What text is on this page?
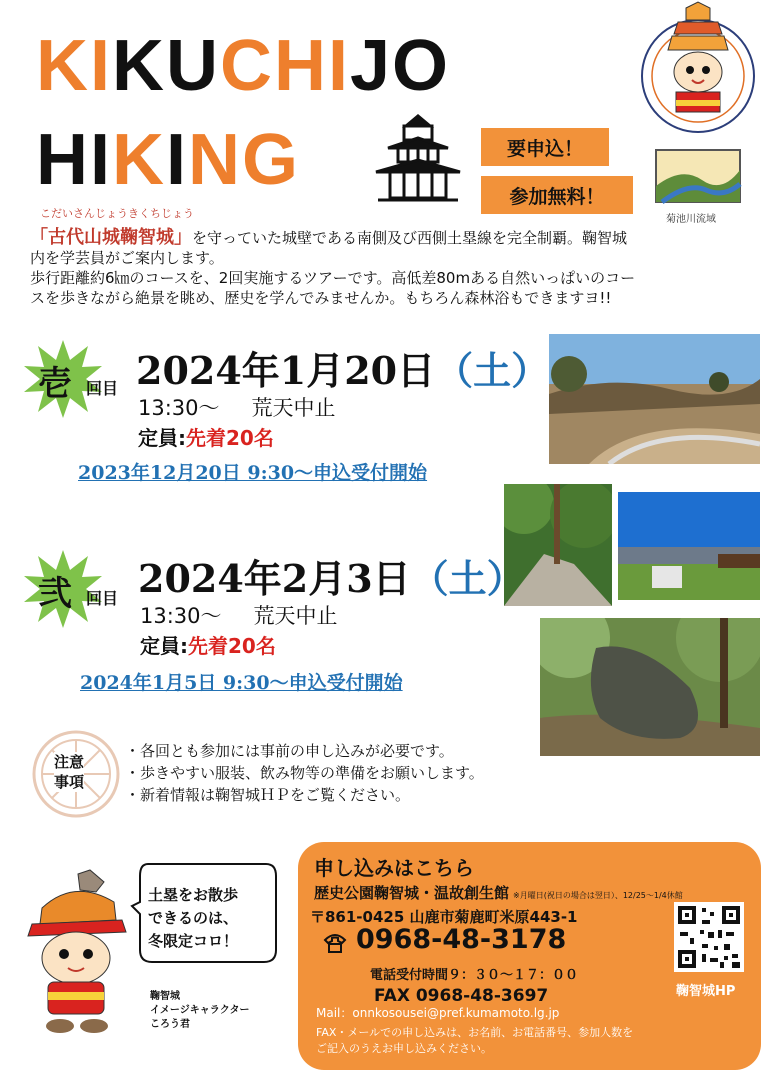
KIKUCHIJO
HIKING	要申込！
参加無料！
菊池川流域
こだいさんじょうきくちじょう
「古代山城鞠智城」を守っていた城壁である南側及び西側土塁線を完全制覇。鞠智城
内を学芸員がご案内します。
歩行距離約6㎞のコースを、2回実施するツアーです。高低差80mある自然いっぱいのコー
スを歩きながら絶景を眺め、歴史を学んでみませんか。もちろん森林浴もできますヨ!!
壱 回目 2024年1月20日（土）
13:30～ 荒天中止
定員:先着20名
2023年12月20日 9:30～申込受付開始
弐 回目 2024年2月3日（土）
13:30～ 荒天中止
定員:先着20名
2024年1月5日 9:30～申込受付開始
注意
事項
・各回とも参加には事前の申し込みが必要です。
・歩きやすい服装、飲み物等の準備をお願いします。
・新着情報は鞠智城ＨＰをご覧ください。
土塁をお散歩
できるのは、
冬限定コロ！
鞠智城
イメージキャラクター
ころう君
申し込みはこちら
歴史公園鞠智城・温故創生館 ※月曜日(祝日の場合は翌日）、12/25～1/4休館
〒861-0425 山鹿市菊鹿町米原443-1
0968-48-3178
電話受付時間９：３０～１７：００
FAX 0968-48-3697
Mail：onnkosousei@pref.kumamoto.lg.jp
FAX・メールでの申し込みは、お名前、お電話番号、参加人数を
ご記入のうえお申し込みください。
鞠智城HP
